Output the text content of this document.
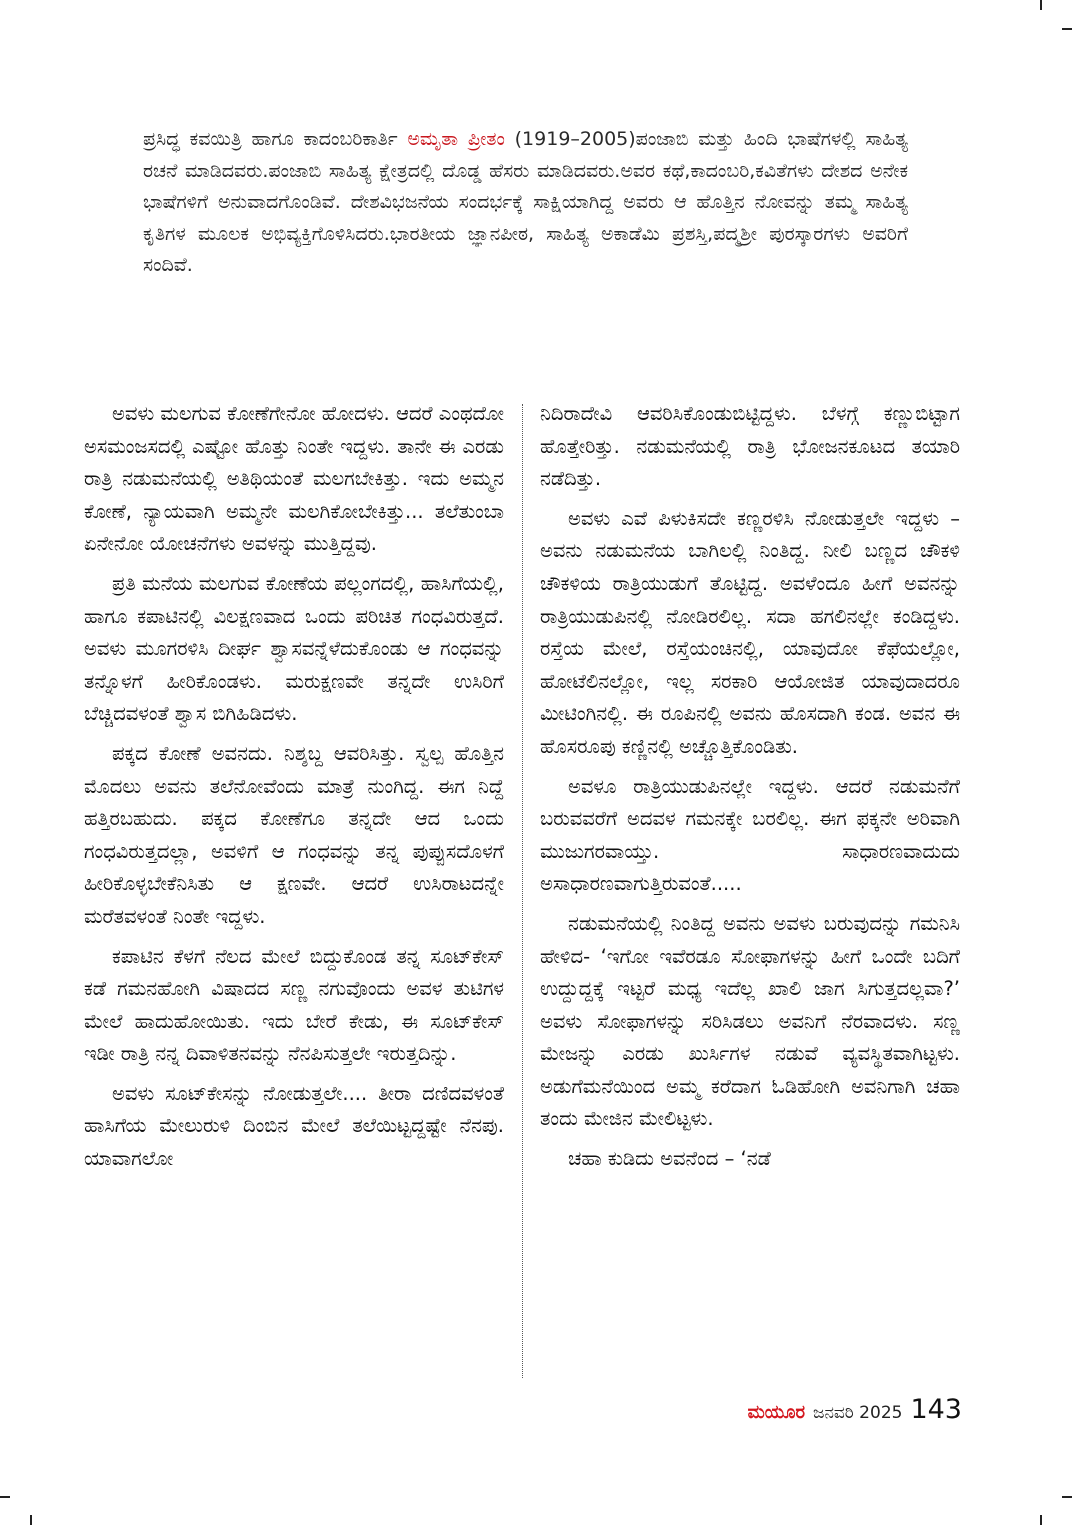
ಪ್ರಸಿದ್ಧ ಕವಯಿತ್ರಿ ಹಾಗೂ ಕಾದಂಬರಿಕಾರ್ತಿ ಅಮೃತಾ ಪ್ರೀತಂ (1919–2005)ಪಂಜಾಬಿ ಮತ್ತು ಹಿಂದಿ ಭಾಷೆಗಳಲ್ಲಿ ಸಾಹಿತ್ಯ ರಚನೆ ಮಾಡಿದವರು.ಪಂಜಾಬಿ ಸಾಹಿತ್ಯ ಕ್ಷೇತ್ರದಲ್ಲಿ ದೊಡ್ಡ ಹೆಸರು ಮಾಡಿದವರು.ಅವರ ಕಥೆ,ಕಾದಂಬರಿ,ಕವಿತೆಗಳು ದೇಶದ ಅನೇಕ ಭಾಷೆಗಳಿಗೆ ಅನುವಾದಗೊಂಡಿವೆ. ದೇಶವಿಭಜನೆಯ ಸಂದರ್ಭಕ್ಕೆ ಸಾಕ್ಷಿಯಾಗಿದ್ದ ಅವರು ಆ ಹೊತ್ತಿನ ನೋವನ್ನು ತಮ್ಮ ಸಾಹಿತ್ಯ ಕೃತಿಗಳ ಮೂಲಕ ಅಭಿವ್ಯಕ್ತಿಗೊಳಿಸಿದರು.ಭಾರತೀಯ ಜ್ಞಾನಪೀಠ, ಸಾಹಿತ್ಯ ಅಕಾಡೆಮಿ ಪ್ರಶಸ್ತಿ,ಪದ್ಮಶ್ರೀ ಪುರಸ್ಕಾರಗಳು ಅವರಿಗೆ ಸಂದಿವೆ.

ಅವಳು ಮಲಗುವ ಕೋಣೆಗೇನೋ ಹೋದಳು. ಆದರೆ ಎಂಥದೋ ಅಸಮಂಜಸದಲ್ಲಿ ಎಷ್ಟೋ ಹೊತ್ತು ನಿಂತೇ ಇದ್ದಳು. ತಾನೇ ಈ ಎರಡು ರಾತ್ರಿ ನಡುಮನೆಯಲ್ಲಿ ಅತಿಥಿಯಂತೆ ಮಲಗಬೇಕಿತ್ತು. ಇದು ಅಮ್ಮನ ಕೋಣೆ, ನ್ಯಾಯವಾಗಿ ಅಮ್ಮನೇ ಮಲಗಿಕೋಬೇಕಿತ್ತು... ತಲೆತುಂಬಾ ಏನೇನೋ ಯೋಚನೆಗಳು ಅವಳನ್ನು ಮುತ್ತಿದ್ದವು.

ಪ್ರತಿ ಮನೆಯ ಮಲಗುವ ಕೋಣೆಯ ಪಲ್ಲಂಗದಲ್ಲಿ, ಹಾಸಿಗೆಯಲ್ಲಿ, ಹಾಗೂ ಕಪಾಟಿನಲ್ಲಿ ವಿಲಕ್ಷಣವಾದ ಒಂದು ಪರಿಚಿತ ಗಂಧವಿರುತ್ತದೆ. ಅವಳು ಮೂಗರಳಿಸಿ ದೀರ್ಘ ಶ್ವಾಸವನ್ನೆಳೆದುಕೊಂಡು ಆ ಗಂಧವನ್ನು ತನ್ನೊಳಗೆ ಹೀರಿಕೊಂಡಳು. ಮರುಕ್ಷಣವೇ ತನ್ನದೇ ಉಸಿರಿಗೆ ಬೆಚ್ಚಿದವಳಂತೆ ಶ್ವಾಸ ಬಿಗಿಹಿಡಿದಳು.

ಪಕ್ಕದ ಕೋಣೆ ಅವನದು. ನಿಶ್ಶಬ್ದ ಆವರಿಸಿತ್ತು. ಸ್ವಲ್ಪ ಹೊತ್ತಿನ ಮೊದಲು ಅವನು ತಲೆನೋವೆಂದು ಮಾತ್ರೆ ನುಂಗಿದ್ದ. ಈಗ ನಿದ್ದೆ ಹತ್ತಿರಬಹುದು. ಪಕ್ಕದ ಕೋಣೆಗೂ ತನ್ನದೇ ಆದ ಒಂದು ಗಂಧವಿರುತ್ತದಲ್ಲಾ, ಅವಳಿಗೆ ಆ ಗಂಧವನ್ನು ತನ್ನ ಪುಪ್ಪುಸದೊಳಗೆ ಹೀರಿಕೊಳ್ಳಬೇಕೆನಿಸಿತು ಆ ಕ್ಷಣವೇ. ಆದರೆ ಉಸಿರಾಟದನ್ನೇ ಮರೆತವಳಂತೆ ನಿಂತೇ ಇದ್ದಳು.

ಕಪಾಟಿನ ಕೆಳಗೆ ನೆಲದ ಮೇಲೆ ಬಿದ್ದುಕೊಂಡ ತನ್ನ ಸೂಟ್‌ಕೇಸ್ ಕಡೆ ಗಮನಹೋಗಿ ವಿಷಾದದ ಸಣ್ಣ ನಗುವೊಂದು ಅವಳ ತುಟಿಗಳ ಮೇಲೆ ಹಾದುಹೋಯಿತು. ಇದು ಬೇರೆ ಕೇಡು, ಈ ಸೂಟ್‌ಕೇಸ್ ಇಡೀ ರಾತ್ರಿ ನನ್ನ ದಿವಾಳಿತನವನ್ನು ನೆನಪಿಸುತ್ತಲೇ ಇರುತ್ತದಿನ್ನು.

ಅವಳು ಸೂಟ್‌ಕೇಸನ್ನು ನೋಡುತ್ತಲೇ.... ತೀರಾ ದಣಿದವಳಂತೆ ಹಾಸಿಗೆಯ ಮೇಲುರುಳಿ ದಿಂಬಿನ ಮೇಲೆ ತಲೆಯಿಟ್ಟದ್ದಷ್ಟೇ ನೆನಪು. ಯಾವಾಗಲೋ

ನಿದಿರಾದೇವಿ ಆವರಿಸಿಕೊಂಡುಬಿಟ್ಟಿದ್ದಳು. ಬೆಳಗ್ಗೆ ಕಣ್ಣುಬಿಟ್ಟಾಗ ಹೊತ್ತೇರಿತ್ತು. ನಡುಮನೆಯಲ್ಲಿ ರಾತ್ರಿ ಭೋಜನಕೂಟದ ತಯಾರಿ ನಡೆದಿತ್ತು.

ಅವಳು ಎವೆ ಪಿಳುಕಿಸದೇ ಕಣ್ಣರಳಿಸಿ ನೋಡುತ್ತಲೇ ಇದ್ದಳು – ಅವನು ನಡುಮನೆಯ ಬಾಗಿಲಲ್ಲಿ ನಿಂತಿದ್ದ. ನೀಲಿ ಬಣ್ಣದ ಚೌಕಳಿ ಚೌಕಳಿಯ ರಾತ್ರಿಯುಡುಗೆ ತೊಟ್ಟಿದ್ದ. ಅವಳೆಂದೂ ಹೀಗೆ ಅವನನ್ನು ರಾತ್ರಿಯುಡುಪಿನಲ್ಲಿ ನೋಡಿರಲಿಲ್ಲ. ಸದಾ ಹಗಲಿನಲ್ಲೇ ಕಂಡಿದ್ದಳು. ರಸ್ತೆಯ ಮೇಲೆ, ರಸ್ತೆಯಂಚಿನಲ್ಲಿ, ಯಾವುದೋ ಕೆಫೆಯಲ್ಲೋ, ಹೋಟೆಲಿನಲ್ಲೋ, ಇಲ್ಲ ಸರಕಾರಿ ಆಯೋಜಿತ ಯಾವುದಾದರೂ ಮೀಟಿಂಗಿನಲ್ಲಿ. ಈ ರೂಪಿನಲ್ಲಿ ಅವನು ಹೊಸದಾಗಿ ಕಂಡ. ಅವನ ಈ ಹೊಸರೂಪು ಕಣ್ಣಿನಲ್ಲಿ ಅಚ್ಚೊತ್ತಿಕೊಂಡಿತು.

ಅವಳೂ ರಾತ್ರಿಯುಡುಪಿನಲ್ಲೇ ಇದ್ದಳು. ಆದರೆ ನಡುಮನೆಗೆ ಬರುವವರೆಗೆ ಅದವಳ ಗಮನಕ್ಕೇ ಬರಲಿಲ್ಲ. ಈಗ ಫಕ್ಕನೇ ಅರಿವಾಗಿ ಮುಜುಗರವಾಯ್ತು. ಸಾಧಾರಣವಾದುದು ಅಸಾಧಾರಣವಾಗುತ್ತಿರುವಂತೆ.....

ನಡುಮನೆಯಲ್ಲಿ ನಿಂತಿದ್ದ ಅವನು ಅವಳು ಬರುವುದನ್ನು ಗಮನಿಸಿ ಹೇಳಿದ- ‘ಇಗೋ ಇವೆರಡೂ ಸೋಫಾಗಳನ್ನು ಹೀಗೆ ಒಂದೇ ಬದಿಗೆ ಉದ್ದುದ್ದಕ್ಕೆ ಇಟ್ಟರೆ ಮಧ್ಯ ಇದೆಲ್ಲ ಖಾಲಿ ಜಾಗ ಸಿಗುತ್ತದಲ್ಲವಾ?’ ಅವಳು ಸೋಫಾಗಳನ್ನು ಸರಿಸಿಡಲು ಅವನಿಗೆ ನೆರವಾದಳು. ಸಣ್ಣ ಮೇಜನ್ನು ಎರಡು ಖುರ್ಸಿಗಳ ನಡುವೆ ವ್ಯವಸ್ಥಿತವಾಗಿಟ್ಟಳು. ಅಡುಗೆಮನೆಯಿಂದ ಅಮ್ಮ ಕರೆದಾಗ ಓಡಿಹೋಗಿ ಅವನಿಗಾಗಿ ಚಹಾ ತಂದು ಮೇಜಿನ ಮೇಲಿಟ್ಟಳು.

ಚಹಾ ಕುಡಿದು ಅವನೆಂದ – ‘ನಡೆ

ಮಯೂರ ಜನವರಿ 2025 143
